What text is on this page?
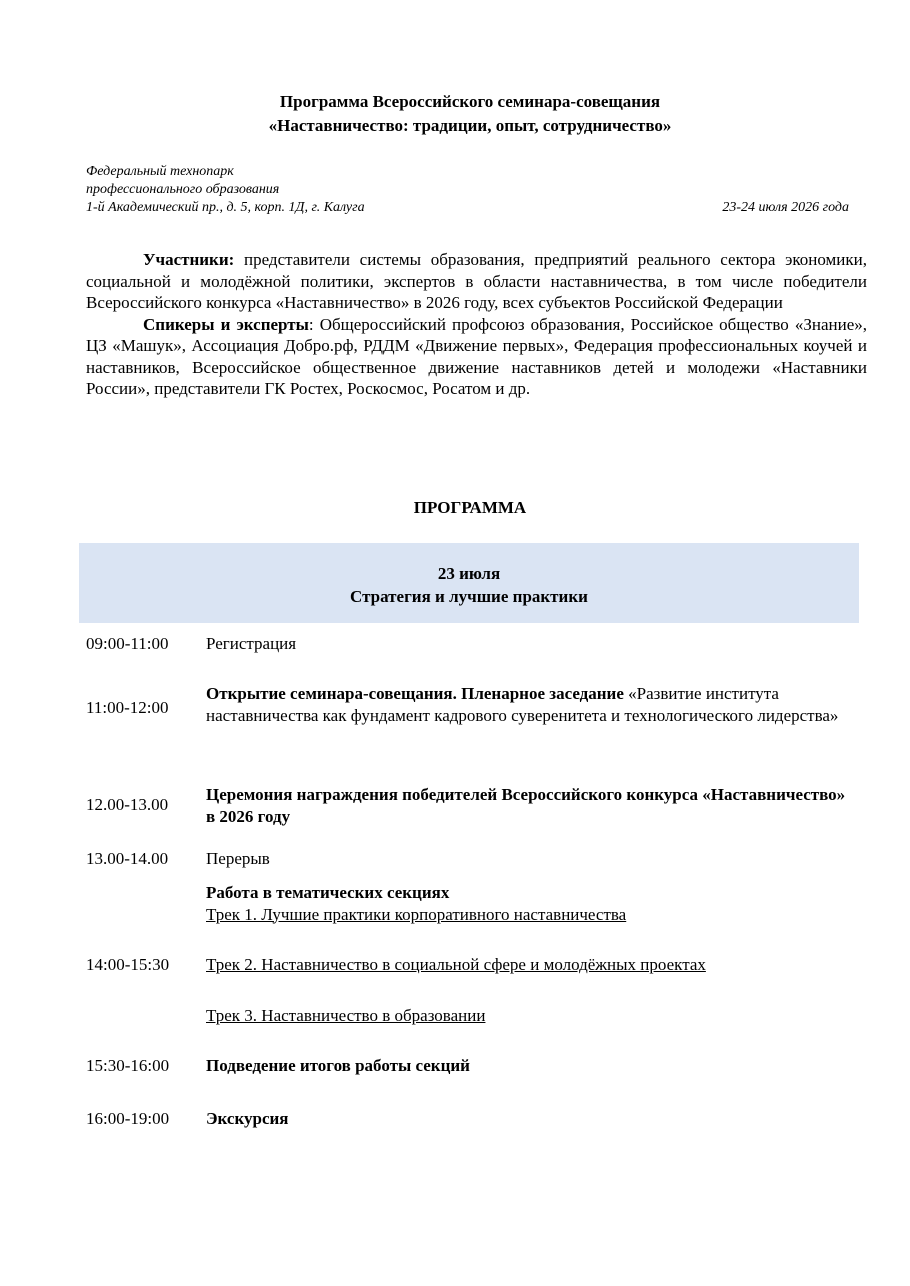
Программа Всероссийского семинара-совещания
«Наставничество: традиции, опыт, сотрудничество»
Федеральный технопарк
профессионального образования
1-й Академический пр., д. 5, корп. 1Д, г. Калуга	23-24 июля 2026 года

Участники: представители системы образования, предприятий реального сектора экономики, социальной и молодёжной политики, экспертов в области наставничества, в том числе победители Всероссийского конкурса «Наставничество» в 2026 году, всех субъектов Российской Федерации

Спикеры и эксперты: Общероссийский профсоюз образования, Российское общество «Знание», ЦЗ «Машук», Ассоциация Добро.рф, РДДМ «Движение первых», Федерация профессиональных коучей и наставников, Всероссийское общественное движение наставников детей и молодежи «Наставники России», представители ГК Ростех, Роскосмос, Росатом и др.

ПРОГРАММА
23 июля
Стратегия и лучшие практики
09:00-11:00 Регистрация
11:00-12:00
Открытие семинара-совещания. Пленарное заседание «Развитие института наставничества как фундамент кадрового суверенитета и технологического лидерства»
12.00-13.00
Церемония награждения победителей Всероссийского конкурса «Наставничество» в 2026 году
13.00-14.00 Перерыв
14:00-15:30
Работа в тематических секциях
Трек 1. Лучшие практики корпоративного наставничества
Трек 2. Наставничество в социальной сфере и молодёжных проектах
Трек 3. Наставничество в образовании
15:30-16:00 Подведение итогов работы секций
16:00-19:00 Экскурсия
